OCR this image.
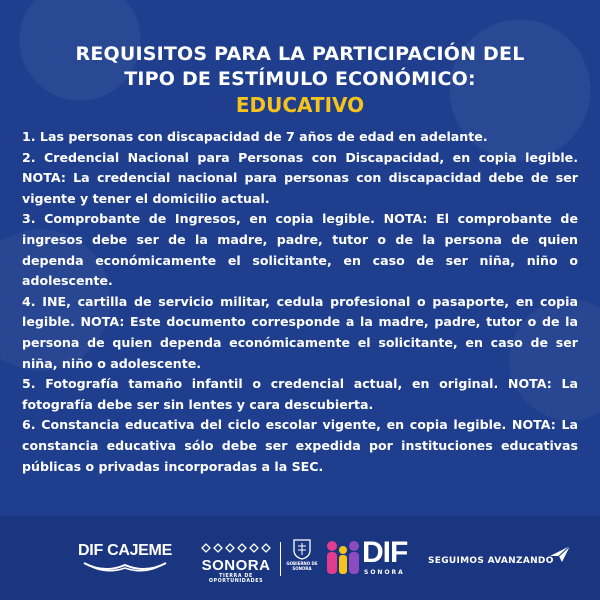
REQUISITOS PARA LA PARTICIPACIÓN DEL
TIPO DE ESTÍMULO ECONÓMICO:
EDUCATIVO
1. Las personas con discapacidad de 7 años de edad en adelante.
2. Credencial Nacional para Personas con Discapacidad, en copia legible. NOTA: La credencial nacional para personas con discapacidad debe de ser vigente y tener el domicilio actual.
3. Comprobante de Ingresos, en copia legible. NOTA: El comprobante de ingresos debe ser de la madre, padre, tutor o de la persona de quien dependa económicamente el solicitante, en caso de ser niña, niño o adolescente.
4. INE, cartilla de servicio militar, cedula profesional o pasaporte, en copia legible. NOTA: Este documento corresponde a la madre, padre, tutor o de la persona de quien dependa económicamente el solicitante, en caso de ser niña, niño o adolescente.
5. Fotografía tamaño infantil o credencial actual, en original. NOTA: La fotografía debe ser sin lentes y cara descubierta.
6. Constancia educativa del ciclo escolar vigente, en copia legible. NOTA: La constancia educativa sólo debe ser expedida por instituciones educativas públicas o privadas incorporadas a la SEC.
DIF CAJEME
SONORA
TIERRA DE OPORTUNIDADES
GOBIERNO DE SONORA DIF
SONORA
SEGUIMOS AVANZANDO
